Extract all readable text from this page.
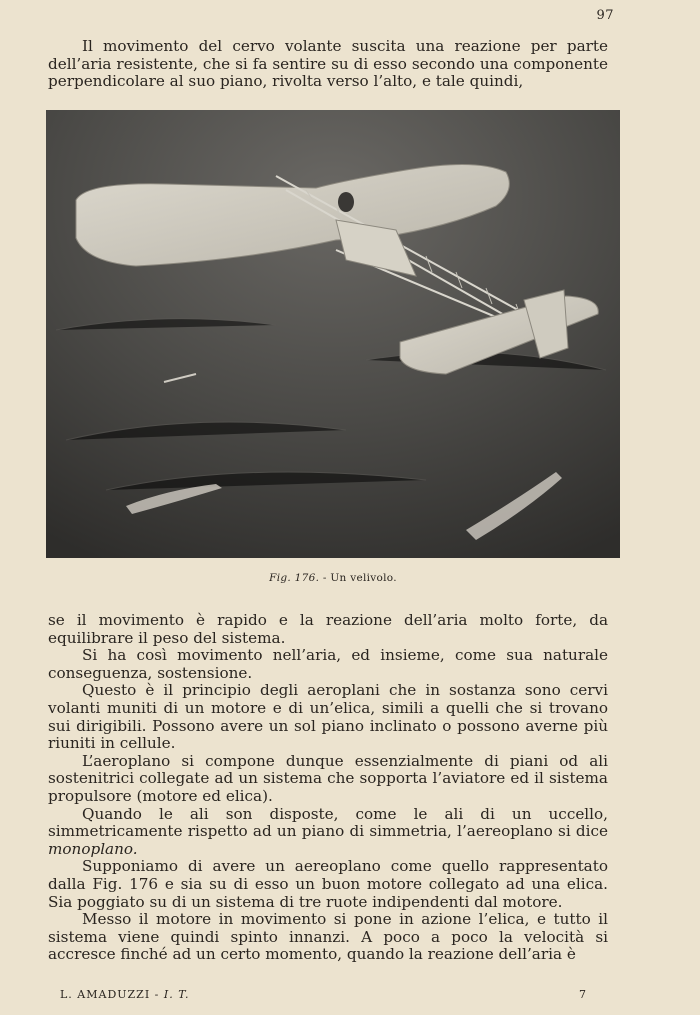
97

Il movimento del cervo volante suscita una reazione per parte dell’aria resistente, che si fa sentire su di esso secondo una componente perpendicolare al suo piano, rivolta verso l’alto, e tale quindi,

Fig. 176. - Un velivolo.

se il movimento è rapido e la reazione dell’aria molto forte, da equilibrare il peso del sistema.

Si ha così movimento nell’aria, ed insieme, come sua naturale conseguenza, sostensione.

Questo è il principio degli aeroplani che in sostanza sono cervi volanti muniti di un motore e di un’elica, simili a quelli che si trovano sui dirigibili. Possono avere un sol piano inclinato o possono averne più riuniti in cellule.

L’aeroplano si compone dunque essenzialmente di piani od ali sostenitrici collegate ad un sistema che sopporta l’aviatore ed il sistema propulsore (motore ed elica).

Quando le ali son disposte, come le ali di un uccello, simmetricamente rispetto ad un piano di simmetria, l’aereoplano si dice monoplano.

Supponiamo di avere un aereoplano come quello rappresentato dalla Fig. 176 e sia su di esso un buon motore collegato ad una elica. Sia poggiato su di un sistema di tre ruote indipendenti dal motore.

Messo il motore in movimento si pone in azione l’elica, e tutto il sistema viene quindi spinto innanzi. A poco a poco la velocità si accresce finché ad un certo momento, quando la reazione dell’aria è

L. AMADUZZI - I. T.	7
